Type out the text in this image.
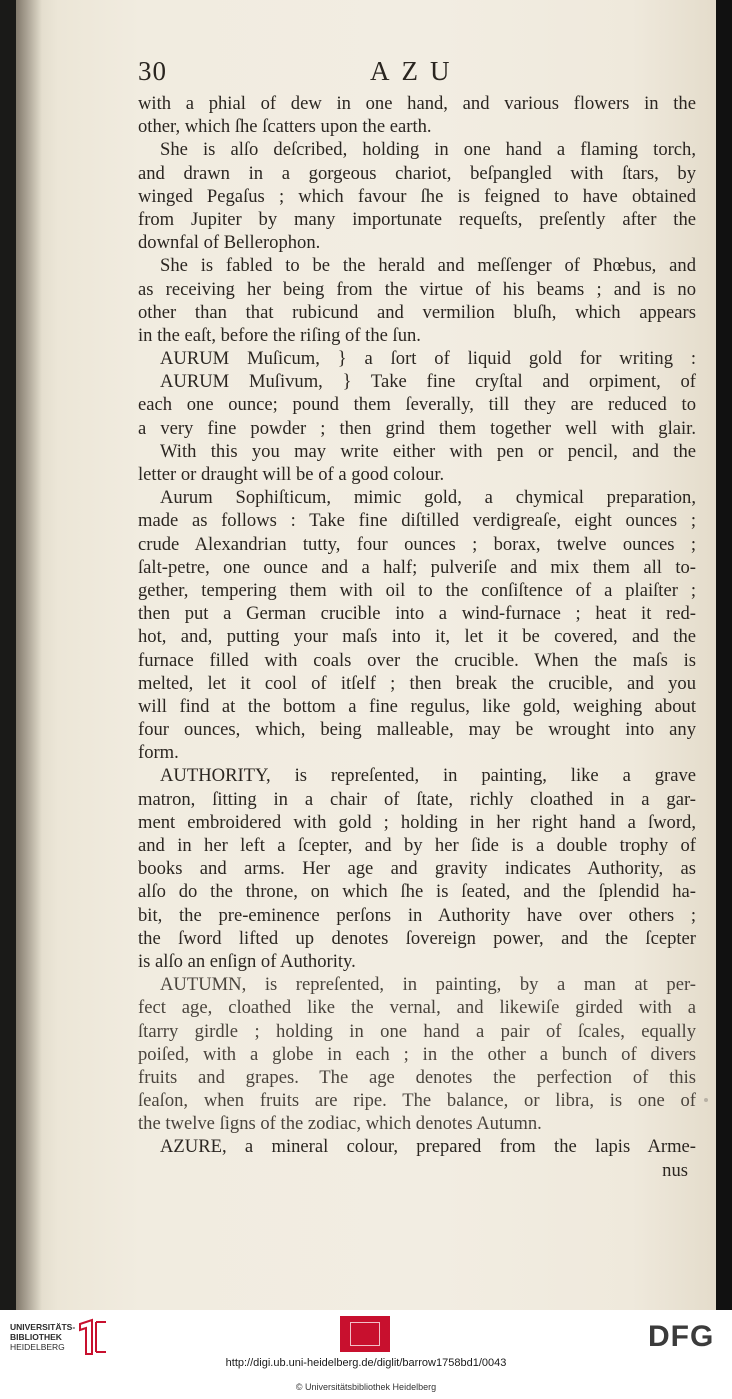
30	AZU
with a phial of dew in one hand, and various flowers in the
other, which ſhe ſcatters upon the earth.
She is alſo deſcribed, holding in one hand a flaming torch,
and drawn in a gorgeous chariot, beſpangled with ſtars, by
winged Pegaſus ; which favour ſhe is feigned to have obtained
from Jupiter by many importunate requeſts, preſently after the
downfal of Bellerophon.
She is fabled to be the herald and meſſenger of Phœbus, and
as receiving her being from the virtue of his beams ; and is no
other than that rubicund and vermilion bluſh, which appears
in the eaſt, before the riſing of the ſun.
AURUM Muſicum, } a ſort of liquid gold for writing :
AURUM Muſivum, } Take fine cryſtal and orpiment, of
each one ounce; pound them ſeverally, till they are reduced to
a very fine powder ; then grind them together well with glair.
With this you may write either with pen or pencil, and the
letter or draught will be of a good colour.
Aurum Sophiſticum, mimic gold, a chymical preparation,
made as follows : Take fine diſtilled verdigreaſe, eight ounces ;
crude Alexandrian tutty, four ounces ; borax, twelve ounces ;
ſalt-petre, one ounce and a half; pulveriſe and mix them all to-
gether, tempering them with oil to the conſiſtence of a plaiſter ;
then put a German crucible into a wind-furnace ; heat it red-
hot, and, putting your maſs into it, let it be covered, and the
furnace filled with coals over the crucible. When the maſs is
melted, let it cool of itſelf ; then break the crucible, and you
will find at the bottom a fine regulus, like gold, weighing about
four ounces, which, being malleable, may be wrought into any
form.
AUTHORITY, is repreſented, in painting, like a grave
matron, ſitting in a chair of ſtate, richly cloathed in a gar-
ment embroidered with gold ; holding in her right hand a ſword,
and in her left a ſcepter, and by her ſide is a double trophy of
books and arms. Her age and gravity indicates Authority, as
alſo do the throne, on which ſhe is ſeated, and the ſplendid ha-
bit, the pre-eminence perſons in Authority have over others ;
the ſword lifted up denotes ſovereign power, and the ſcepter
is alſo an enſign of Authority.
AUTUMN, is repreſented, in painting, by a man at per-
fect age, cloathed like the vernal, and likewiſe girded with a
ſtarry girdle ; holding in one hand a pair of ſcales, equally
poiſed, with a globe in each ; in the other a bunch of divers
fruits and grapes. The age denotes the perfection of this
ſeaſon, when fruits are ripe. The balance, or libra, is one of
the twelve ſigns of the zodiac, which denotes Autumn.
AZURE, a mineral colour, prepared from the lapis Arme-
nus
UNIVERSITÄTS-
BIBLIOTHEK
HEIDELBERG	DFG
http://digi.ub.uni-heidelberg.de/diglit/barrow1758bd1/0043
© Universitätsbibliothek Heidelberg
